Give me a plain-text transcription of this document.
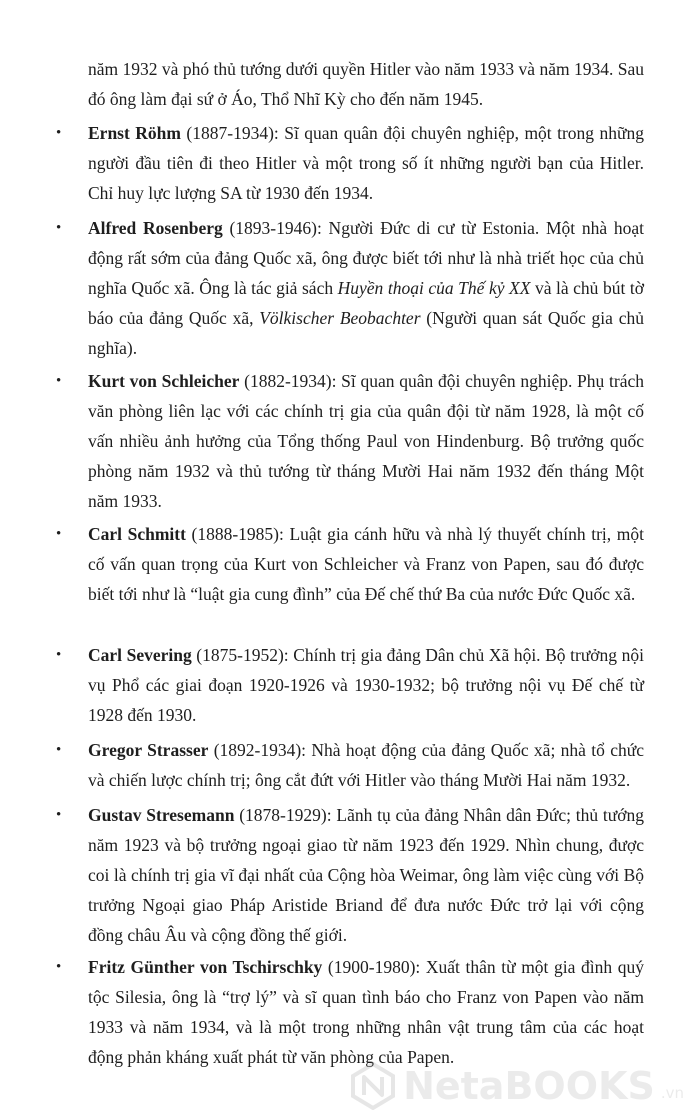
năm 1932 và phó thủ tướng dưới quyền Hitler vào năm 1933 và năm 1934. Sau đó ông làm đại sứ ở Áo, Thổ Nhĩ Kỳ cho đến năm 1945.
•	Ernst Röhm (1887-1934): Sĩ quan quân đội chuyên nghiệp, một trong những người đầu tiên đi theo Hitler và một trong số ít những người bạn của Hitler. Chỉ huy lực lượng SA từ 1930 đến 1934.
•	Alfred Rosenberg (1893-1946): Người Đức di cư từ Estonia. Một nhà hoạt động rất sớm của đảng Quốc xã, ông được biết tới như là nhà triết học của chủ nghĩa Quốc xã. Ông là tác giả sách Huyền thoại của Thế kỷ XX và là chủ bút tờ báo của đảng Quốc xã, Völkischer Beobachter (Người quan sát Quốc gia chủ nghĩa).
•	Kurt von Schleicher (1882-1934): Sĩ quan quân đội chuyên nghiệp. Phụ trách văn phòng liên lạc với các chính trị gia của quân đội từ năm 1928, là một cố vấn nhiều ảnh hưởng của Tổng thống Paul von Hindenburg. Bộ trưởng quốc phòng năm 1932 và thủ tướng từ tháng Mười Hai năm 1932 đến tháng Một năm 1933.
•	Carl Schmitt (1888-1985): Luật gia cánh hữu và nhà lý thuyết chính trị, một cố vấn quan trọng của Kurt von Schleicher và Franz von Papen, sau đó được biết tới như là “luật gia cung đình” của Đế chế thứ Ba của nước Đức Quốc xã.
•	Carl Severing (1875-1952): Chính trị gia đảng Dân chủ Xã hội. Bộ trưởng nội vụ Phổ các giai đoạn 1920-1926 và 1930-1932; bộ trưởng nội vụ Đế chế từ 1928 đến 1930.
•	Gregor Strasser (1892-1934): Nhà hoạt động của đảng Quốc xã; nhà tổ chức và chiến lược chính trị; ông cắt đứt với Hitler vào tháng Mười Hai năm 1932.
•	Gustav Stresemann (1878-1929): Lãnh tụ của đảng Nhân dân Đức; thủ tướng năm 1923 và bộ trưởng ngoại giao từ năm 1923 đến 1929. Nhìn chung, được coi là chính trị gia vĩ đại nhất của Cộng hòa Weimar, ông làm việc cùng với Bộ trưởng Ngoại giao Pháp Aristide Briand để đưa nước Đức trở lại với cộng đồng châu Âu và cộng đồng thế giới.
•	Fritz Günther von Tschirschky (1900-1980): Xuất thân từ một gia đình quý tộc Silesia, ông là “trợ lý” và sĩ quan tình báo cho Franz von Papen vào năm 1933 và năm 1934, và là một trong những nhân vật trung tâm của các hoạt động phản kháng xuất phát từ văn phòng của Papen.
NetaBOOKS .vn
